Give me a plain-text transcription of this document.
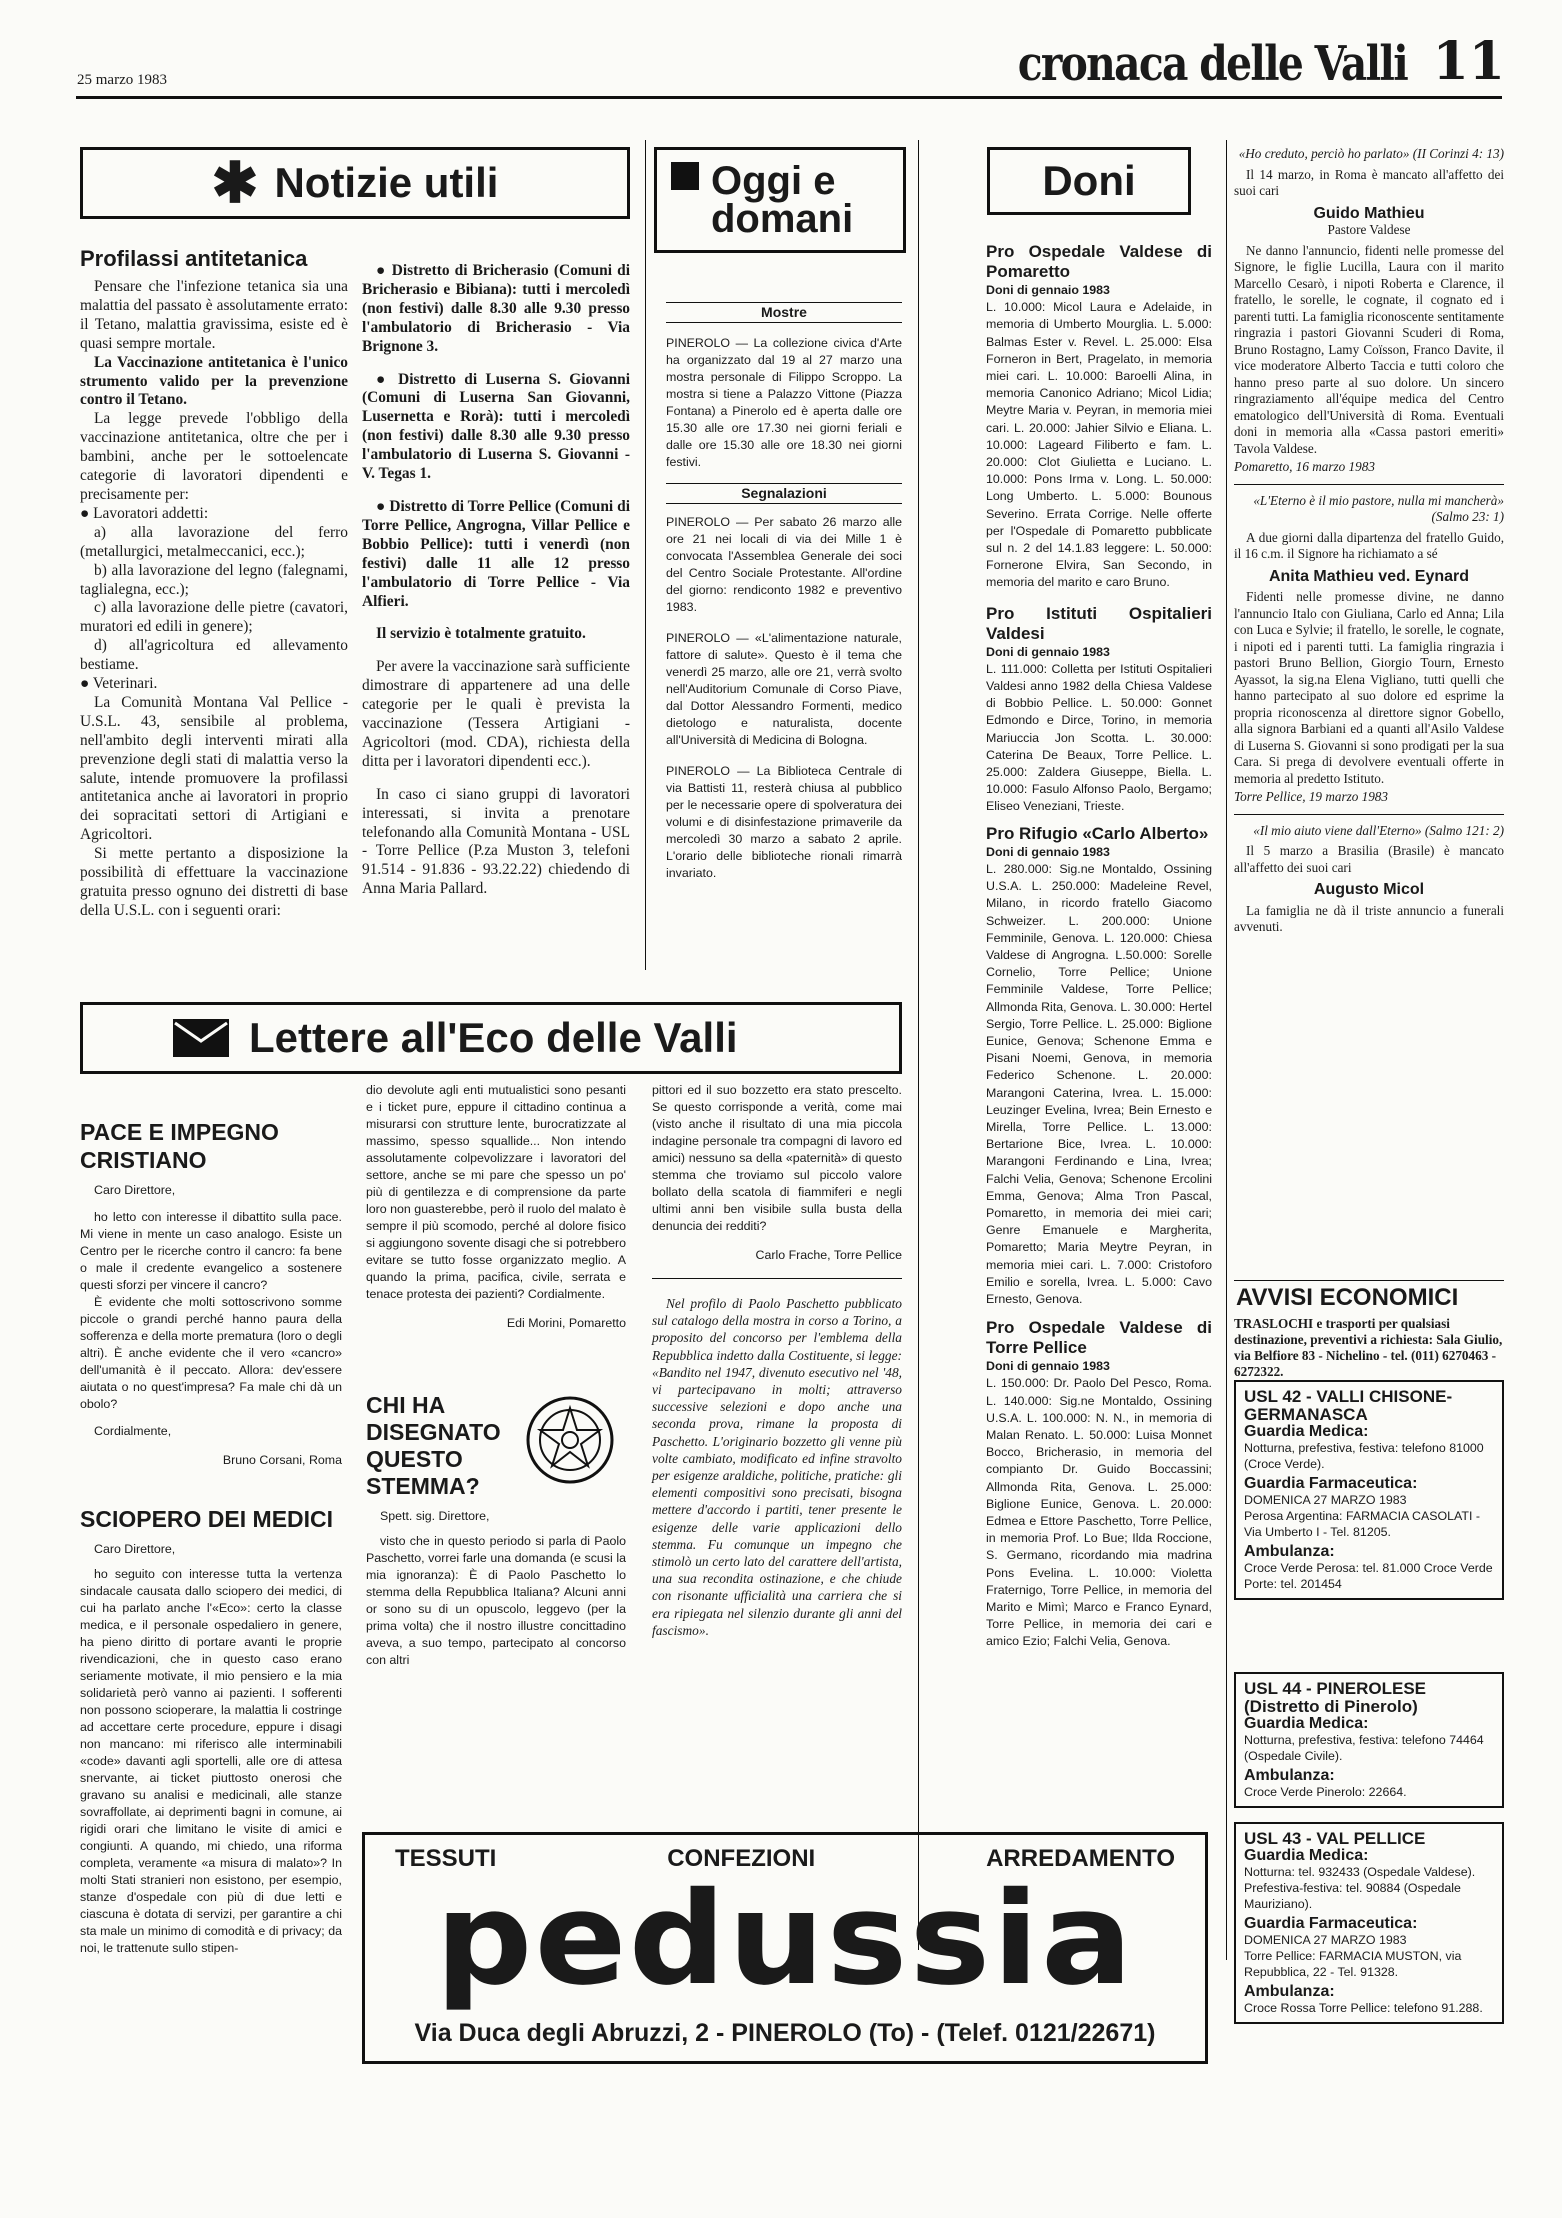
25 marzo 1983	cronaca delle Valli 11
✱ Notizie utili
Profilassi antitetanica

Pensare che l'infezione tetanica sia una malattia del passato è assolutamente errato: il Tetano, malattia gravissima, esiste ed è quasi sempre mortale.

La Vaccinazione antitetanica è l'unico strumento valido per la prevenzione contro il Tetano.

La legge prevede l'obbligo della vaccinazione antitetanica, oltre che per i bambini, anche per le sottoelencate categorie di lavoratori dipendenti e precisamente per:

● Lavoratori addetti:

a) alla lavorazione del ferro (metallurgici, metalmeccanici, ecc.);

b) alla lavorazione del legno (falegnami, taglialegna, ecc.);

c) alla lavorazione delle pietre (cavatori, muratori ed edili in genere);

d) all'agricoltura ed allevamento bestiame.

● Veterinari.

La Comunità Montana Val Pellice - U.S.L. 43, sensibile al problema, nell'ambito degli interventi mirati alla prevenzione degli stati di malattia verso la salute, intende promuovere la profilassi antitetanica anche ai lavoratori in proprio dei sopracitati settori di Artigiani e Agricoltori.

Si mette pertanto a disposizione la possibilità di effettuare la vaccinazione gratuita presso ognuno dei distretti di base della U.S.L. con i seguenti orari:

● Distretto di Bricherasio (Comuni di Bricherasio e Bibiana): tutti i mercoledì (non festivi) dalle 8.30 alle 9.30 presso l'ambulatorio di Bricherasio - Via Brignone 3.

● Distretto di Luserna S. Giovanni (Comuni di Luserna San Giovanni, Lusernetta e Rorà): tutti i mercoledì (non festivi) dalle 8.30 alle 9.30 presso l'ambulatorio di Luserna S. Giovanni - V. Tegas 1.

● Distretto di Torre Pellice (Comuni di Torre Pellice, Angrogna, Villar Pellice e Bobbio Pellice): tutti i venerdì (non festivi) dalle 11 alle 12 presso l'ambulatorio di Torre Pellice - Via Alfieri.

Il servizio è totalmente gratuito.

Per avere la vaccinazione sarà sufficiente dimostrare di appartenere ad una delle categorie per le quali è prevista la vaccinazione (Tessera Artigiani - Agricoltori (mod. CDA), richiesta della ditta per i lavoratori dipendenti ecc.).

In caso ci siano gruppi di lavoratori interessati, si invita a prenotare telefonando alla Comunità Montana - USL - Torre Pellice (P.za Muston 3, telefoni 91.514 - 91.836 - 93.22.22) chiedendo di Anna Maria Pallard.

Oggi e domani
Mostre

PINEROLO — La collezione civica d'Arte ha organizzato dal 19 al 27 marzo una mostra personale di Filippo Scroppo. La mostra si tiene a Palazzo Vittone (Piazza Fontana) a Pinerolo ed è aperta dalle ore 15.30 alle ore 17.30 nei giorni feriali e dalle ore 15.30 alle ore 18.30 nei giorni festivi.

Segnalazioni

PINEROLO — Per sabato 26 marzo alle ore 21 nei locali di via dei Mille 1 è convocata l'Assemblea Generale dei soci del Centro Sociale Protestante. All'ordine del giorno: rendiconto 1982 e preventivo 1983.

PINEROLO — «L'alimentazione naturale, fattore di salute». Questo è il tema che venerdì 25 marzo, alle ore 21, verrà svolto nell'Auditorium Comunale di Corso Piave, dal Dottor Alessandro Formenti, medico dietologo e naturalista, docente all'Università di Medicina di Bologna.

PINEROLO — La Biblioteca Centrale di via Battisti 11, resterà chiusa al pubblico per le necessarie opere di spolveratura dei volumi e di disinfestazione primaverile da mercoledì 30 marzo a sabato 2 aprile. L'orario delle biblioteche rionali rimarrà invariato.

Doni
Pro Ospedale Valdese di Pomaretto
Doni di gennaio 1983

L. 10.000: Micol Laura e Adelaide, in memoria di Umberto Mourglia. L. 5.000: Balmas Ester v. Revel. L. 25.000: Elsa Forneron in Bert, Pragelato, in memoria miei cari. L. 10.000: Baroelli Alina, in memoria Canonico Adriano; Micol Lidia; Meytre Maria v. Peyran, in memoria miei cari. L. 20.000: Jahier Silvio e Eliana. L. 10.000: Lageard Filiberto e fam. L. 20.000: Clot Giulietta e Luciano. L. 10.000: Pons Irma v. Long. L. 50.000: Long Umberto. L. 5.000: Bounous Severino. Errata Corrige. Nelle offerte per l'Ospedale di Pomaretto pubblicate sul n. 2 del 14.1.83 leggere: L. 50.000: Fornerone Elvira, San Secondo, in memoria del marito e caro Bruno.

Pro Istituti Ospitalieri Valdesi
Doni di gennaio 1983

L. 111.000: Colletta per Istituti Ospitalieri Valdesi anno 1982 della Chiesa Valdese di Bobbio Pellice. L. 50.000: Gonnet Edmondo e Dirce, Torino, in memoria Mariuccia Jon Scotta. L. 30.000: Caterina De Beaux, Torre Pellice. L. 25.000: Zaldera Giuseppe, Biella. L. 10.000: Fasulo Alfonso Paolo, Bergamo; Eliseo Veneziani, Trieste.

Pro Rifugio «Carlo Alberto»
Doni di gennaio 1983

L. 280.000: Sig.ne Montaldo, Ossining U.S.A. L. 250.000: Madeleine Revel, Milano, in ricordo fratello Giacomo Schweizer. L. 200.000: Unione Femminile, Genova. L. 120.000: Chiesa Valdese di Angrogna. L.50.000: Sorelle Cornelio, Torre Pellice; Unione Femminile Valdese, Torre Pellice; Allmonda Rita, Genova. L. 30.000: Hertel Sergio, Torre Pellice. L. 25.000: Biglione Eunice, Genova; Schenone Emma e Pisani Noemi, Genova, in memoria Federico Schenone. L. 20.000: Marangoni Caterina, Ivrea. L. 15.000: Leuzinger Evelina, Ivrea; Bein Ernesto e Mirella, Torre Pellice. L. 13.000: Bertarione Bice, Ivrea. L. 10.000: Marangoni Ferdinando e Lina, Ivrea; Falchi Velia, Genova; Schenone Ercolini Emma, Genova; Alma Tron Pascal, Pomaretto, in memoria dei miei cari; Genre Emanuele e Margherita, Pomaretto; Maria Meytre Peyran, in memoria miei cari. L. 7.000: Cristoforo Emilio e sorella, Ivrea. L. 5.000: Cavo Ernesto, Genova.

Pro Ospedale Valdese di Torre Pellice
Doni di gennaio 1983

L. 150.000: Dr. Paolo Del Pesco, Roma. L. 140.000: Sig.ne Montaldo, Ossining U.S.A. L. 100.000: N. N., in memoria di Malan Renato. L. 50.000: Luisa Monnet Bocco, Bricherasio, in memoria del compianto Dr. Guido Boccassini; Allmonda Rita, Genova. L. 25.000: Biglione Eunice, Genova. L. 20.000: Edmea e Ettore Paschetto, Torre Pellice, in memoria Prof. Lo Bue; Ilda Roccione, S. Germano, ricordando mia madrina Pons Evelina. L. 10.000: Violetta Fraternigo, Torre Pellice, in memoria del Marito e Mimì; Marco e Franco Eynard, Torre Pellice, in memoria dei cari e amico Ezio; Falchi Velia, Genova.

«Ho creduto, perciò ho parlato» (II Corinzi 4: 13)

Il 14 marzo, in Roma è mancato all'affetto dei suoi cari

Guido Mathieu
Pastore Valdese

Ne danno l'annuncio, fidenti nelle promesse del Signore, le figlie Lucilla, Laura con il marito Marcello Cesarò, i nipoti Roberta e Clarence, il fratello, le sorelle, le cognate, il cognato ed i parenti tutti. La famiglia riconoscente sentitamente ringrazia i pastori Giovanni Scuderi di Roma, Bruno Rostagno, Lamy Coïsson, Franco Davite, il vice moderatore Alberto Taccia e tutti coloro che hanno preso parte al suo dolore. Un sincero ringraziamento all'équipe medica del Centro ematologico dell'Università di Roma. Eventuali doni in memoria alla «Cassa pastori emeriti» Tavola Valdese.

Pomaretto, 16 marzo 1983
«L'Eterno è il mio pastore, nulla mi mancherà» (Salmo 23: 1)

A due giorni dalla dipartenza del fratello Guido, il 16 c.m. il Signore ha richiamato a sé

Anita Mathieu ved. Eynard

Fidenti nelle promesse divine, ne danno l'annuncio Italo con Giuliana, Carlo ed Anna; Lila con Luca e Sylvie; il fratello, le sorelle, le cognate, i nipoti ed i parenti tutti. La famiglia ringrazia i pastori Bruno Bellion, Giorgio Tourn, Ernesto Ayassot, la sig.na Elena Vigliano, tutti quelli che hanno partecipato al suo dolore ed esprime la propria riconoscenza al direttore signor Gobello, alla signora Barbiani ed a quanti all'Asilo Valdese di Luserna S. Giovanni si sono prodigati per la sua Cara. Si prega di devolvere eventuali offerte in memoria al predetto Istituto.

Torre Pellice, 19 marzo 1983
«Il mio aiuto viene dall'Eterno» (Salmo 121: 2)

Il 5 marzo a Brasilia (Brasile) è mancato all'affetto dei suoi cari

Augusto Micol

La famiglia ne dà il triste annuncio a funerali avvenuti.

AVVISI ECONOMICI
TRASLOCHI e trasporti per qualsiasi destinazione, preventivi a richiesta: Sala Giulio, via Belfiore 83 - Nichelino - tel. (011) 6270463 - 6272322.
USL 42 - VALLI CHISONE-GERMANASCA
Guardia Medica:
Notturna, prefestiva, festiva: telefono 81000 (Croce Verde).
Guardia Farmaceutica:
DOMENICA 27 MARZO 1983
Perosa Argentina: FARMACIA CASOLATI - Via Umberto I - Tel. 81205.
Ambulanza:
Croce Verde Perosa: tel. 81.000 Croce Verde Porte: tel. 201454
USL 44 - PINEROLESE (Distretto di Pinerolo)
Guardia Medica:
Notturna, prefestiva, festiva: telefono 74464 (Ospedale Civile).
Ambulanza:
Croce Verde Pinerolo: 22664.
USL 43 - VAL PELLICE
Guardia Medica:
Notturna: tel. 932433 (Ospedale Valdese). Prefestiva-festiva: tel. 90884 (Ospedale Mauriziano).
Guardia Farmaceutica:
DOMENICA 27 MARZO 1983
Torre Pellice: FARMACIA MUSTON, via Repubblica, 22 - Tel. 91328.
Ambulanza:
Croce Rossa Torre Pellice: telefono 91.288.
Lettere all'Eco delle Valli
PACE E IMPEGNO CRISTIANO

Caro Direttore,

ho letto con interesse il dibattito sulla pace. Mi viene in mente un caso analogo. Esiste un Centro per le ricerche contro il cancro: fa bene o male il credente evangelico a sostenere questi sforzi per vincere il cancro?

È evidente che molti sottoscrivono somme piccole o grandi perché hanno paura della sofferenza e della morte prematura (loro o degli altri). È anche evidente che il vero «cancro» dell'umanità è il peccato. Allora: dev'essere aiutata o no quest'impresa? Fa male chi dà un obolo?

Cordialmente,

Bruno Corsani, Roma

SCIOPERO DEI MEDICI

Caro Direttore,

ho seguito con interesse tutta la vertenza sindacale causata dallo sciopero dei medici, di cui ha parlato anche l'«Eco»: certo la classe medica, e il personale ospedaliero in genere, ha pieno diritto di portare avanti le proprie rivendicazioni, che in questo caso erano seriamente motivate, il mio pensiero e la mia solidarietà però vanno ai pazienti. I sofferenti non possono scioperare, la malattia li costringe ad accettare certe procedure, eppure i disagi non mancano: mi riferisco alle interminabili «code» davanti agli sportelli, alle ore di attesa snervante, ai ticket piuttosto onerosi che gravano su analisi e medicinali, alle stanze sovraffollate, ai deprimenti bagni in comune, ai rigidi orari che limitano le visite di amici e congiunti. A quando, mi chiedo, una riforma completa, veramente «a misura di malato»? In molti Stati stranieri non esistono, per esempio, stanze d'ospedale con più di due letti e ciascuna è dotata di servizi, per garantire a chi sta male un minimo di comodità e di privacy; da noi, le trattenute sullo stipen-

dio devolute agli enti mutualistici sono pesanti e i ticket pure, eppure il cittadino continua a misurarsi con strutture lente, burocratizzate al massimo, spesso squallide... Non intendo assolutamente colpevolizzare i lavoratori del settore, anche se mi pare che spesso un po' più di gentilezza e di comprensione da parte loro non guasterebbe, però il ruolo del malato è sempre il più scomodo, perché al dolore fisico si aggiungono sovente disagi che si potrebbero evitare se tutto fosse organizzato meglio. A quando la prima, pacifica, civile, serrata e tenace protesta dei pazienti? Cordialmente.

Edi Morini, Pomaretto

CHI HA DISEGNATO QUESTO STEMMA?

Spett. sig. Direttore,

visto che in questo periodo si parla di Paolo Paschetto, vorrei farle una domanda (e scusi la mia ignoranza): È di Paolo Paschetto lo stemma della Repubblica Italiana? Alcuni anni or sono su di un opuscolo, leggevo (per la prima volta) che il nostro illustre concittadino aveva, a suo tempo, partecipato al concorso con altri

pittori ed il suo bozzetto era stato prescelto. Se questo corrisponde a verità, come mai (visto anche il risultato di una mia piccola indagine personale tra compagni di lavoro ed amici) nessuno sa della «paternità» di questo stemma che troviamo sul piccolo valore bollato della scatola di fiammiferi e negli ultimi anni ben visibile sulla busta della denuncia dei redditi?

Carlo Frache, Torre Pellice

Nel profilo di Paolo Paschetto pubblicato sul catalogo della mostra in corso a Torino, a proposito del concorso per l'emblema della Repubblica indetto dalla Costituente, si legge: «Bandito nel 1947, divenuto esecutivo nel '48, vi partecipavano in molti; attraverso successive selezioni e dopo anche una seconda prova, rimane la proposta di Paschetto. L'originario bozzetto gli venne più volte cambiato, modificato ed infine stravolto per esigenze araldiche, politiche, pratiche: gli elementi compositivi sono precisati, bisogna mettere d'accordo i partiti, tener presente le esigenze delle varie applicazioni dello stemma. Fu comunque un impegno che stimolò un certo lato del carattere dell'artista, una sua recondita ostinazione, e che chiude con risonante ufficialità una carriera che si era ripiegata nel silenzio durante gli anni del fascismo».

TESSUTI	CONFEZIONI	ARREDAMENTO
pedussia
Via Duca degli Abruzzi, 2 - PINEROLO (To) - (Telef. 0121/22671)
